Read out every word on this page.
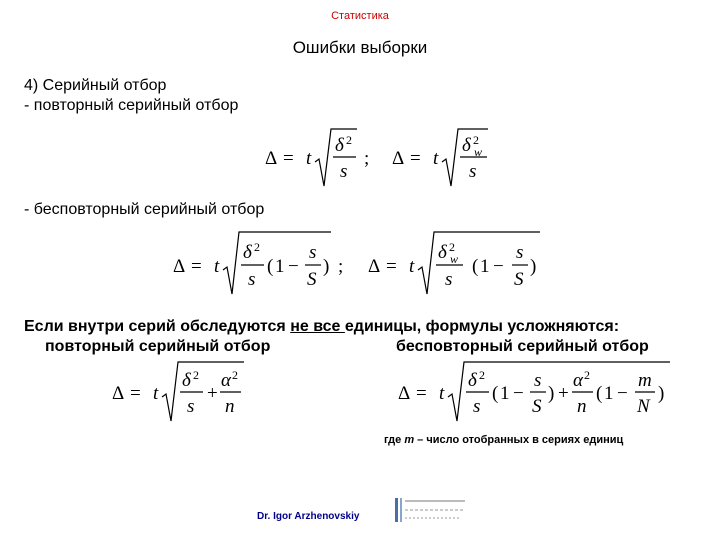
Статистика
Ошибки выборки
4) Серийный отбор
- повторный серийный отбор
Δ = t
δ 2
s
; Δ = t
δ 2
w
s
- бесповторный серийный отбор
Δ = t
δ 2
s
( 1 −
s
S
) ; Δ = t
δ 2
w
s
( 1 −
s
S
)
Если внутри серий обследуются не все единицы, формулы усложняются:
повторный серийный отбор	бесповторный серийный отбор
Δ = t
δ 2
s
+
α 2
n
Δ = t
δ 2
s
( 1 −
s
S
) +
α 2
n
( 1 −
m
N
)
где m – число отобранных в сериях единиц
Dr. Igor Arzhenovskiy
